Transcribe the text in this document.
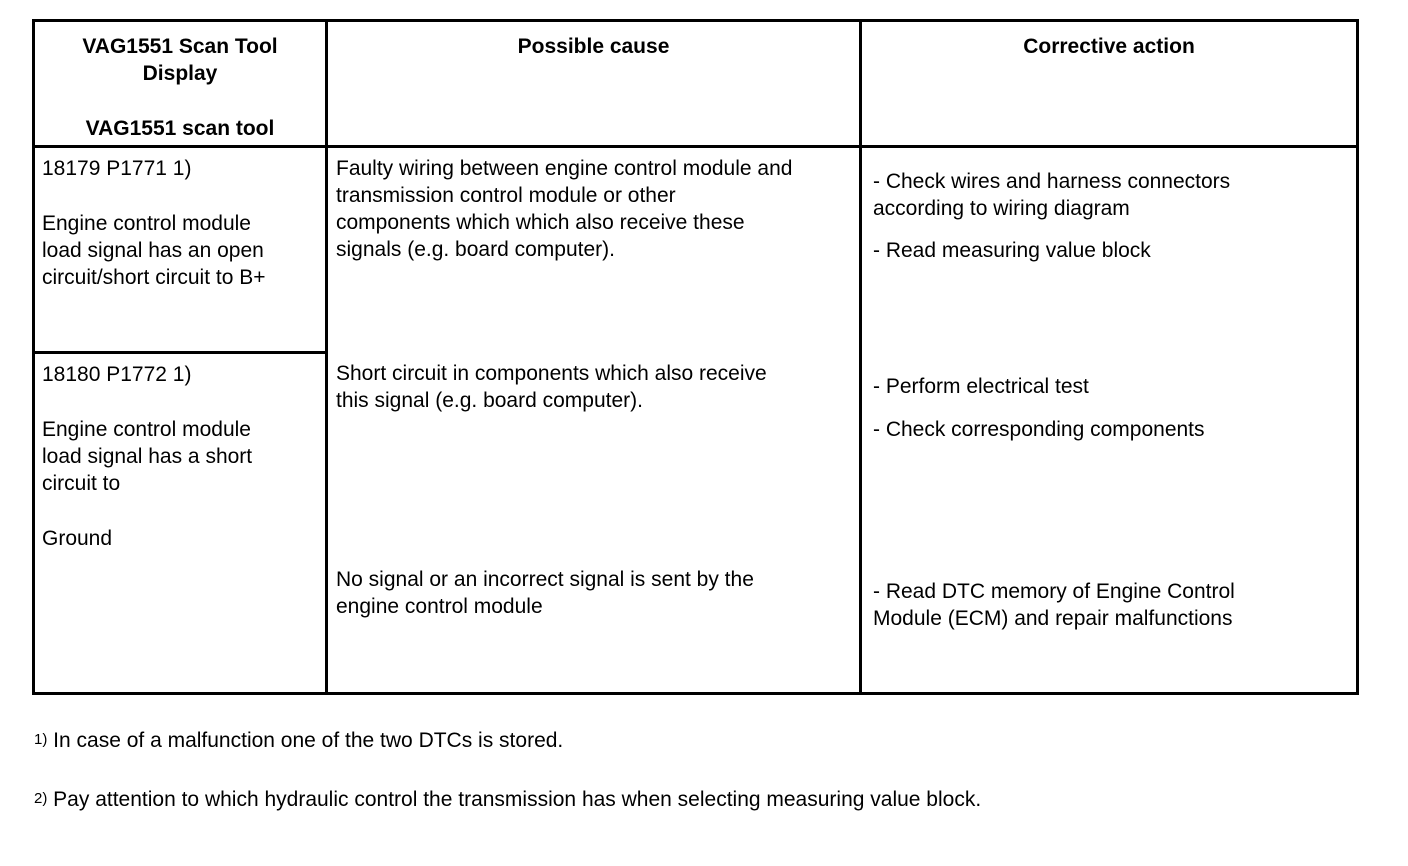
VAG1551 Scan Tool
Display
VAG1551 scan tool
Possible cause	Corrective action

18179 P1771 1)

Engine control module
load signal has an open
circuit/short circuit to B+

18180 P1772 1)

Engine control module
load signal has a short
circuit to
Ground
Faulty wiring between engine control module and
transmission control module or other
components which which also receive these
signals (e.g. board computer).
Short circuit in components which also receive
this signal (e.g. board computer).
No signal or an incorrect signal is sent by the
engine control module
- Check wires and harness connectors
according to wiring diagram
- Read measuring value block
- Perform electrical test
- Check corresponding components
- Read DTC memory of Engine Control
Module (ECM) and repair malfunctions
$^{1)}$ In case of a malfunction one of the two DTCs is stored.
$^{2)}$ Pay attention to which hydraulic control the transmission has when selecting measuring value block.
